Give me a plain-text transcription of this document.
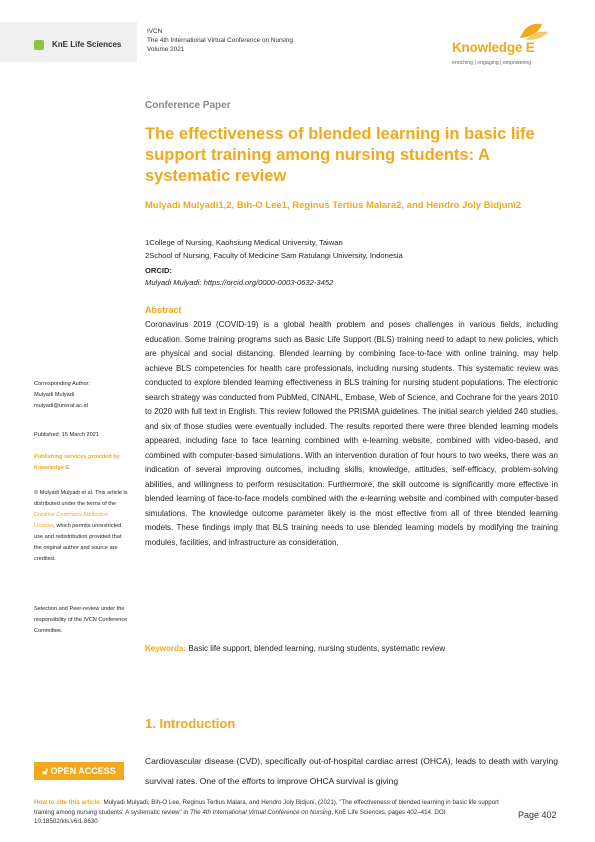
KnE Life Sciences
IVCN
The 4th International Virtual Conference on Nursing
Volume 2021	Knowledge E
enriching | engaging | empowering
Conference Paper
The effectiveness of blended learning in basic life support training among nursing students: A systematic review
Mulyadi Mulyadi1,2, Bih-O Lee1, Reginus Tertius Malara2, and Hendro Joly Bidjuni2
1College of Nursing, Kaohsiung Medical University, Taiwan
2School of Nursing, Faculty of Medicine Sam Ratulangi University, Indonesia
ORCID:
Mulyadi Mulyadi: https://orcid.org/0000-0003-0632-3452
Abstract
Coronavirus 2019 (COVID-19) is a global health problem and poses challenges in various fields, including education. Some training programs such as Basic Life Support (BLS) training need to adapt to new policies, which are physical and social distancing. Blended learning by combining face-to-face with online training, may help achieve BLS competencies for health care professionals, including nursing students. This systematic review was conducted to explore blended learning effectiveness in BLS training for nursing student populations. The electronic search strategy was conducted from PubMed, CINAHL, Embase, Web of Science, and Cochrane for the years 2010 to 2020 with full text in English. This review followed the PRISMA guidelines. The initial search yielded 240 studies, and six of those studies were eventually included. The results reported there were three blended learning models appeared, including face to face learning combined with e-learning website, combined with video-based, and combined with computer-based simulations. With an intervention duration of four hours to two weeks, there was an indication of several improving outcomes, including skills, knowledge, attitudes, self-efficacy, problem-solving abilities, and willingness to perform resuscitation. Furthermore, the skill outcome is significantly more effective in blended learning of face-to-face models combined with the e-learning website and combined with computer-based simulations. The knowledge outcome parameter likely is the most effective from all of three blended learning models. These findings imply that BLS training needs to use blended learning models by modifying the training modules, facilities, and infrastructure as consideration.
Keywords: Basic life support, blended learning, nursing students, systematic review
1. Introduction
Cardiovascular disease (CVD), specifically out-of-hospital cardiac arrest (OHCA), leads to death with varying survival rates. One of the efforts to improve OHCA survival is giving
Corresponding Author:
Mulyadi Mulyadi
mulyadi@unsrat.ac.id
Published: 15 March 2021
Publishing services provided by Knowledge E
© Mulyadi Mulyadi et al. This article is distributed under the terms of the Creative Commons Attribution License, which permits unrestricted use and redistribution provided that the original author and source are credited.
Selection and Peer-review under the responsibility of the IVCN Conference Committee.
🔓︎ OPEN ACCESS
How to cite this article: Mulyadi Mulyadi, Bih-O Lee, Reginus Tertius Malara, and Hendro Joly Bidjuni, (2021), "The effectiveness of blended learning in basic life support training among nursing students: A systematic review" in The 4th International Virtual Conference on Nursing, KnE Life Sciences, pages 402–414. DOI 10.18502/kls.v6i1.8630
Page 402
